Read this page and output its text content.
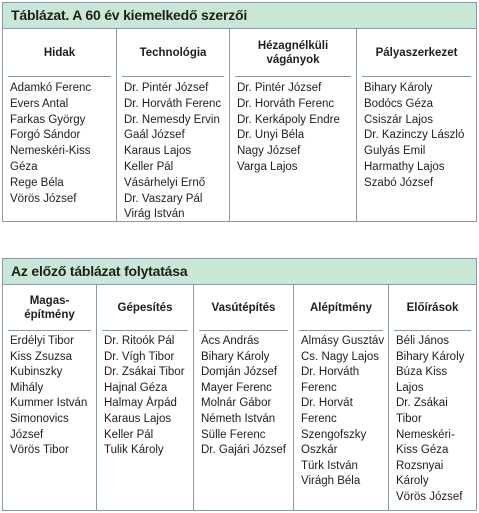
Táblázat. A 60 év kiemelkedő szerzői
Hidak
Adamkó Ferenc
Evers Antal
Farkas György
Forgó Sándor
Nemeskéri-Kiss
Géza
Rege Béla
Vörös József
Technológia
Dr. Pintér József
Dr. Horváth Ferenc
Dr. Nemesdy Ervin
Gaál József
Karaus Lajos
Keller Pál
Vásárhelyi Ernő
Dr. Vaszary Pál
Virág István
Hézagnélküli vágányok
Dr. Pintér József
Dr. Horváth Ferenc
Dr. Kerkápoly Endre
Dr. Unyi Béla
Nagy József
Varga Lajos
Pályaszerkezet
Bihary Károly
Bodócs Géza
Csiszár Lajos
Dr. Kazinczy László
Gulyás Emil
Harmathy Lajos
Szabó József
Az előző táblázat folytatása
Magas-építmény
Erdélyi Tibor
Kiss Zsuzsa
Kubinszky
Mihály
Kummer István
Simonovics
József
Vörös Tibor
Gépesítés
Dr. Ritoók Pál
Dr. Vígh Tibor
Dr. Zsákai Tibor
Hajnal Géza
Halmay Árpád
Karaus Lajos
Keller Pál
Tulik Károly
Vasútépítés
Ács András
Bihary Károly
Domján József
Mayer Ferenc
Molnár Gábor
Németh István
Sülle Ferenc
Dr. Gajári József
Alépítmény
Almásy Gusztáv
Cs. Nagy Lajos
Dr. Horváth
Ferenc
Dr. Horvát
Ferenc
Szengofszky
Oszkár
Türk István
Virágh Béla
Előírások
Béli János
Bihary Károly
Búza Kiss
Lajos
Dr. Zsákai
Tibor
Nemeskéri-
Kiss Géza
Rozsnyai
Károly
Vörös József
